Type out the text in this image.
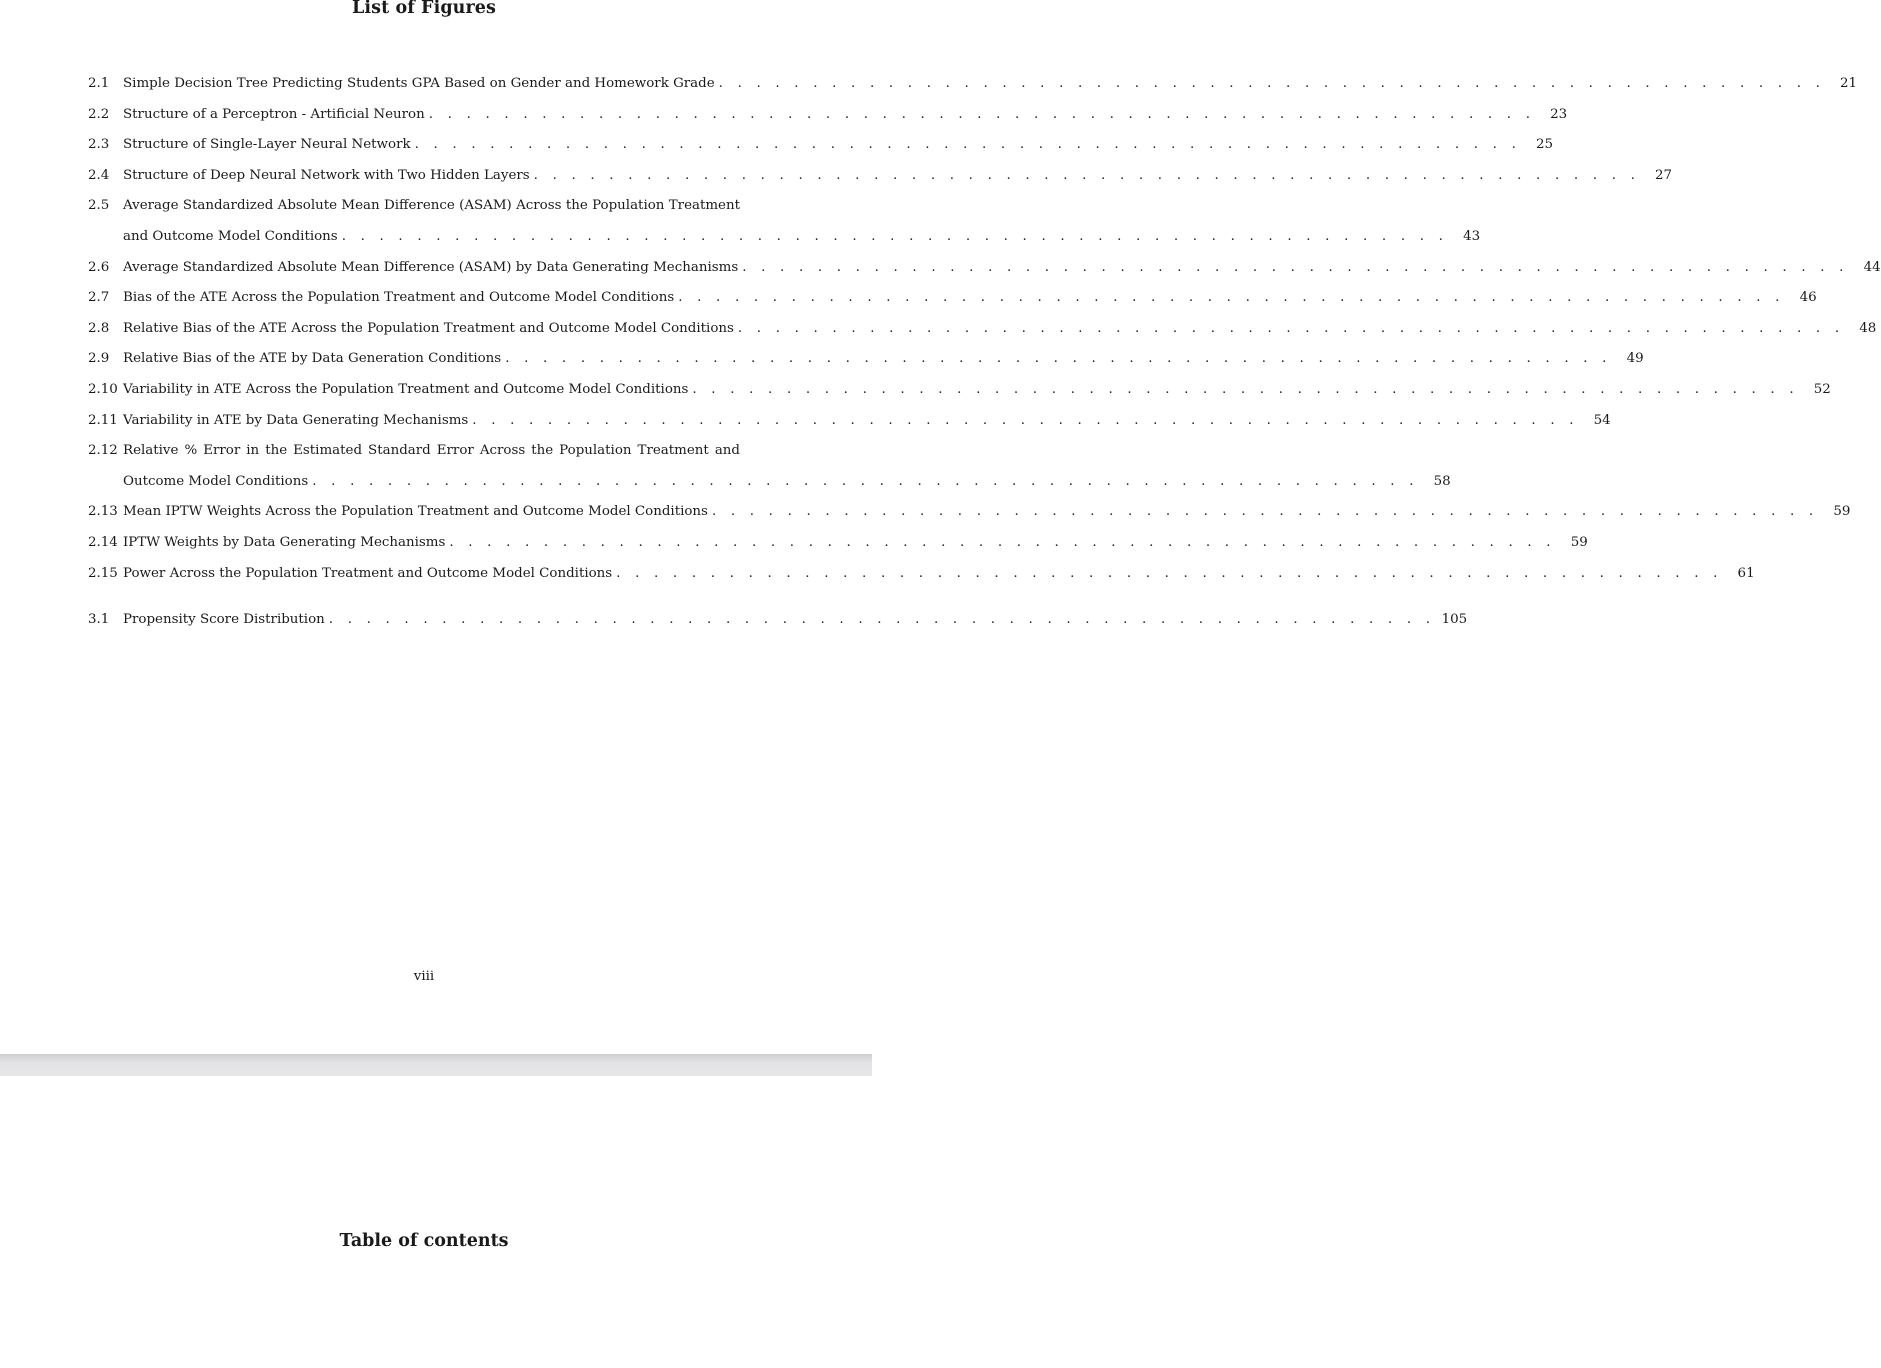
List of Figures
2.1	Simple Decision Tree Predicting Students GPA Based on Gender and Homework Grade . . . . . . . . . . . . . . . . . . . . . . . . . . . . . . . . . . . . . . . . . . . . . . . . . . . . . . . . . . .	21
2.2	Structure of a Perceptron - Artificial Neuron . . . . . . . . . . . . . . . . . . . . . . . . . . . . . . . . . . . . . . . . . . . . . . . . . . . . . . . . . . .	23
2.3	Structure of Single-Layer Neural Network . . . . . . . . . . . . . . . . . . . . . . . . . . . . . . . . . . . . . . . . . . . . . . . . . . . . . . . . . . .	25
2.4	Structure of Deep Neural Network with Two Hidden Layers . . . . . . . . . . . . . . . . . . . . . . . . . . . . . . . . . . . . . . . . . . . . . . . . . . . . . . . . . . .	27
2.5	Average Standardized Absolute Mean Difference (ASAM) Across the Population Treatment
and Outcome Model Conditions . . . . . . . . . . . . . . . . . . . . . . . . . . . . . . . . . . . . . . . . . . . . . . . . . . . . . . . . . . .	43
2.6	Average Standardized Absolute Mean Difference (ASAM) by Data Generating Mechanisms . . . . . . . . . . . . . . . . . . . . . . . . . . . . . . . . . . . . . . . . . . . . . . . . . . . . . . . . . . .	44
2.7	Bias of the ATE Across the Population Treatment and Outcome Model Conditions . . . . . . . . . . . . . . . . . . . . . . . . . . . . . . . . . . . . . . . . . . . . . . . . . . . . . . . . . . .	46
2.8	Relative Bias of the ATE Across the Population Treatment and Outcome Model Conditions . . . . . . . . . . . . . . . . . . . . . . . . . . . . . . . . . . . . . . . . . . . . . . . . . . . . . . . . . . .	48
2.9	Relative Bias of the ATE by Data Generation Conditions . . . . . . . . . . . . . . . . . . . . . . . . . . . . . . . . . . . . . . . . . . . . . . . . . . . . . . . . . . .	49
2.10 Variability in ATE Across the Population Treatment and Outcome Model Conditions . . . . . . . . . . . . . . . . . . . . . . . . . . . . . . . . . . . . . . . . . . . . . . . . . . . . . . . . . . .	52
2.11 Variability in ATE by Data Generating Mechanisms . . . . . . . . . . . . . . . . . . . . . . . . . . . . . . . . . . . . . . . . . . . . . . . . . . . . . . . . . . .	54
2.12 Relative % Error in the Estimated Standard Error Across the Population Treatment and
Outcome Model Conditions . . . . . . . . . . . . . . . . . . . . . . . . . . . . . . . . . . . . . . . . . . . . . . . . . . . . . . . . . . .	58
2.13 Mean IPTW Weights Across the Population Treatment and Outcome Model Conditions . . . . . . . . . . . . . . . . . . . . . . . . . . . . . . . . . . . . . . . . . . . . . . . . . . . . . . . . . . .	59
2.14 IPTW Weights by Data Generating Mechanisms . . . . . . . . . . . . . . . . . . . . . . . . . . . . . . . . . . . . . . . . . . . . . . . . . . . . . . . . . . .	59
2.15 Power Across the Population Treatment and Outcome Model Conditions . . . . . . . . . . . . . . . . . . . . . . . . . . . . . . . . . . . . . . . . . . . . . . . . . . . . . . . . . . .	61
3.1	Propensity Score Distribution . . . . . . . . . . . . . . . . . . . . . . . . . . . . . . . . . . . . . . . . . . . . . . . . . . . . . . . . . . . 105
viii
Table of contents
